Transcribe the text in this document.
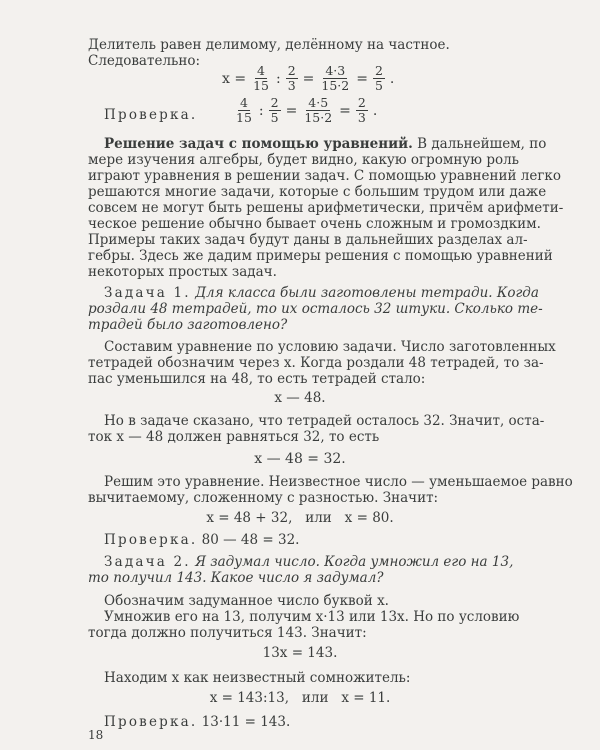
Делитель равен делимому, делённому на частное.
Следовательно:
$x = \frac{4}{15}$ : $\frac{2}{3} = \frac{4\cdot 3}{15\cdot 2} = \frac{2}{5}$ .
Проверка.	$\frac{4}{15}$ : $\frac{2}{5} = \frac{4\cdot 5}{15\cdot 2} = \frac{2}{3}$ .
Решение задач с помощью уравнений. В дальнейшем, по
мере изучения алгебры, будет видно, какую огромную роль
играют уравнения в решении задач. С помощью уравнений легко
решаются многие задачи, которые с большим трудом или даже
совсем не могут быть решены арифметически, причём арифмети-
ческое решение обычно бывает очень сложным и громоздким.
Примеры таких задач будут даны в дальнейших разделах ал-
гебры. Здесь же дадим примеры решения с помощью уравнений
некоторых простых задач.
Задача 1. Для класса были заготовлены тетради. Когда
роздали 48 тетрадей, то их осталось 32 штуки. Сколько те-
традей было заготовлено?
Составим уравнение по условию задачи. Число заготовленных
тетрадей обозначим через x. Когда роздали 48 тетрадей, то за-
пас уменьшился на 48, то есть тетрадей стало:
x — 48.
Но в задаче сказано, что тетрадей осталось 32. Значит, остa-
ток x — 48 должен равняться 32, то есть
x — 48 = 32.
Решим это уравнение. Неизвестное число — уменьшаемое равно
вычитаемому, сложенному с разностью. Значит:
x = 48 + 32,   или   x = 80.
Проверка. 80 — 48 = 32.
Задача 2. Я задумал число. Когда умножил его на 13,
то получил 143. Какое число я задумал?
Обозначим задуманное число буквой x.
Умножив его на 13, получим x·13 или 13x. Но по условию
тогда должно получиться 143. Значит:
13x = 143.
Находим x как неизвестный сомножитель:
x = 143:13,   или   x = 11.
Проверка. 13·11 = 143.
18
